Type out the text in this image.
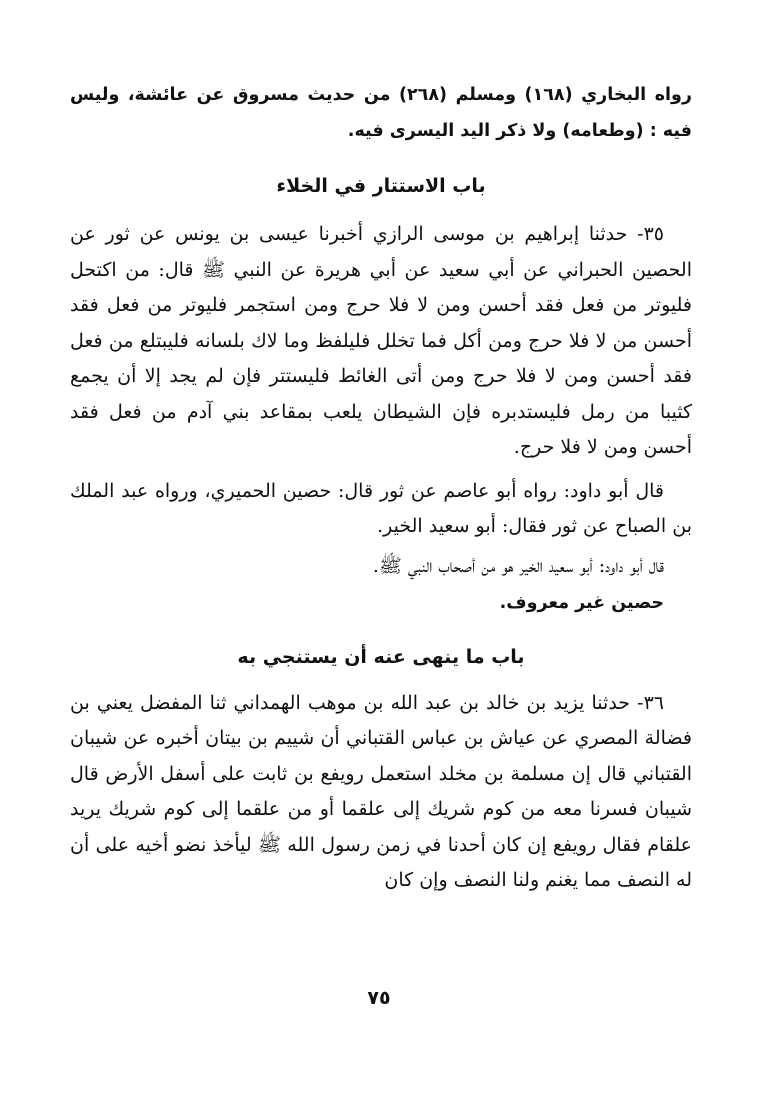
رواه البخاري (١٦٨) ومسلم (٢٦٨) من حديث مسروق عن عائشة، وليس فيه : (وطعامه) ولا ذكر اليد اليسرى فيه.

باب الاستتار في الخلاء

٣٥- حدثنا إبراهيم بن موسى الرازي أخبرنا عيسى بن يونس عن ثور عن الحصين الحبراني عن أبي سعيد عن أبي هريرة عن النبي ﷺ قال: من اكتحل فليوتر من فعل فقد أحسن ومن لا فلا حرج ومن استجمر فليوتر من فعل فقد أحسن من لا فلا حرج ومن أكل فما تخلل فليلفظ وما لاك بلسانه فليبتلع من فعل فقد أحسن ومن لا فلا حرج ومن أتى الغائط فليستتر فإن لم يجد إلا أن يجمع كثيبا من رمل فليستدبره فإن الشيطان يلعب بمقاعد بني آدم من فعل فقد أحسن ومن لا فلا حرج.

قال أبو داود: رواه أبو عاصم عن ثور قال: حصين الحميري، ورواه عبد الملك بن الصباح عن ثور فقال: أبو سعيد الخير.

قال أبو داود: أبو سعيد الخير هو من أصحاب النبي ﷺ.

حصين غير معروف.

باب ما ينهى عنه أن يستنجي به

٣٦- حدثنا يزيد بن خالد بن عبد الله بن موهب الهمداني ثنا المفضل يعني بن فضالة المصري عن عياش بن عباس القتباني أن شييم بن بيتان أخبره عن شيبان القتباني قال إن مسلمة بن مخلد استعمل رويفع بن ثابت على أسفل الأرض قال شيبان فسرنا معه من كوم شريك إلى علقما أو من علقما إلى كوم شريك يريد علقام فقال رويفع إن كان أحدنا في زمن رسول الله ﷺ ليأخذ نضو أخيه على أن له النصف مما يغنم ولنا النصف وإن كان

٧٥
